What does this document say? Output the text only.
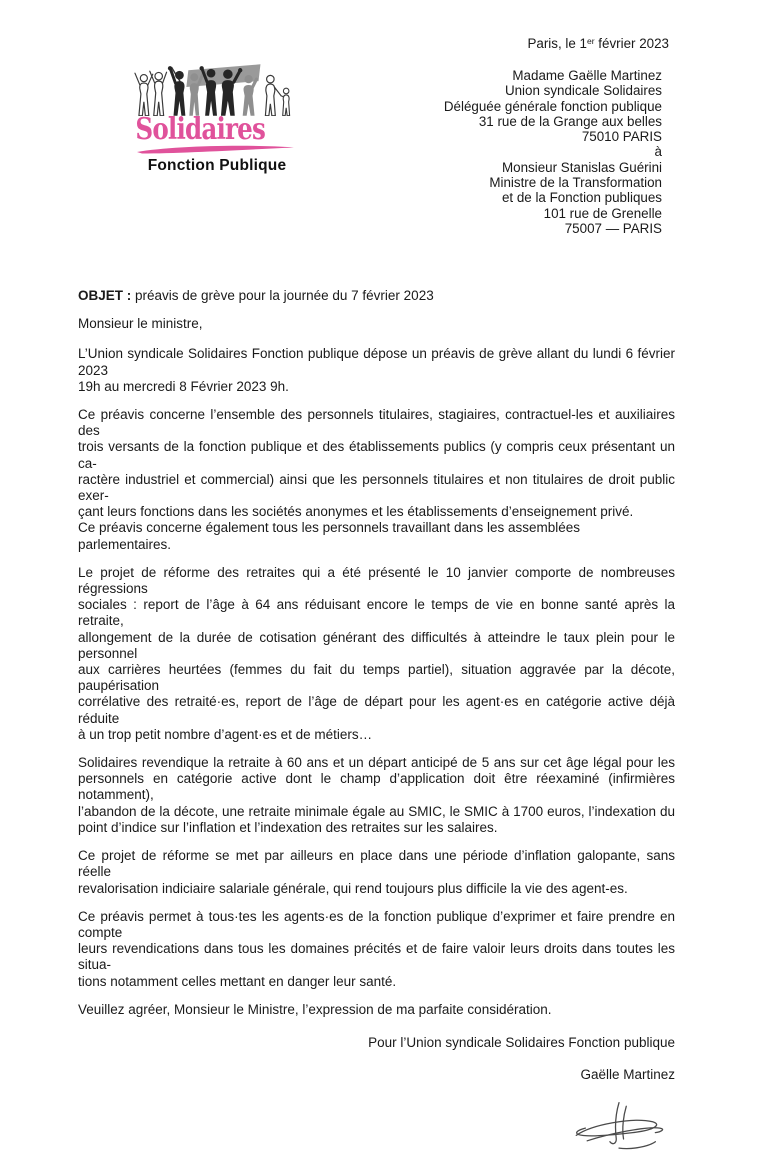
Paris, le 1er février 2023
Madame Gaëlle Martinez
Union syndicale Solidaires
Déléguée générale fonction publique
31 rue de la Grange aux belles
75010 PARIS
à
Monsieur Stanislas Guérini
Ministre de la Transformation
et de la Fonction publiques
101 rue de Grenelle
75007 — PARIS
Solidaires
Fonction Publique
OBJET : préavis de grève pour la journée du 7 février 2023
Monsieur le ministre,
L’Union syndicale Solidaires Fonction publique dépose un préavis de grève allant du lundi 6 février 2023
19h au mercredi 8 Février 2023 9h.
Ce préavis concerne l’ensemble des personnels titulaires, stagiaires, contractuel-les et auxiliaires des
trois versants de la fonction publique et des établissements publics (y compris ceux présentant un ca-
ractère industriel et commercial) ainsi que les personnels titulaires et non titulaires de droit public exer-
çant leurs fonctions dans les sociétés anonymes et les établissements d’enseignement privé.
Ce préavis concerne également tous les personnels travaillant dans les assemblées parlementaires.
Le projet de réforme des retraites qui a été présenté le 10 janvier comporte de nombreuses régressions
sociales : report de l’âge à 64 ans réduisant encore le temps de vie en bonne santé après la retraite,
allongement de la durée de cotisation générant des difficultés à atteindre le taux plein pour le personnel
aux carrières heurtées (femmes du fait du temps partiel), situation aggravée par la décote, paupérisation
corrélative des retraité·es, report de l’âge de départ pour les agent·es en catégorie active déjà réduite
à un trop petit nombre d’agent·es et de métiers…
Solidaires revendique la retraite à 60 ans et un départ anticipé de 5 ans sur cet âge légal pour les
personnels en catégorie active dont le champ d’application doit être réexaminé (infirmières notamment),
l’abandon de la décote, une retraite minimale égale au SMIC, le SMIC à 1700 euros, l’indexation du
point d’indice sur l’inflation et l’indexation des retraites sur les salaires.
Ce projet de réforme se met par ailleurs en place dans une période d’inflation galopante, sans réelle
revalorisation indiciaire salariale générale, qui rend toujours plus difficile la vie des agent-es.
Ce préavis permet à tous·tes les agents·es de la fonction publique d’exprimer et faire prendre en compte
leurs revendications dans tous les domaines précités et de faire valoir leurs droits dans toutes les situa-
tions notamment celles mettant en danger leur santé.
Veuillez agréer, Monsieur le Ministre, l’expression de ma parfaite considération.
Pour l’Union syndicale Solidaires Fonction publique
Gaëlle Martinez
